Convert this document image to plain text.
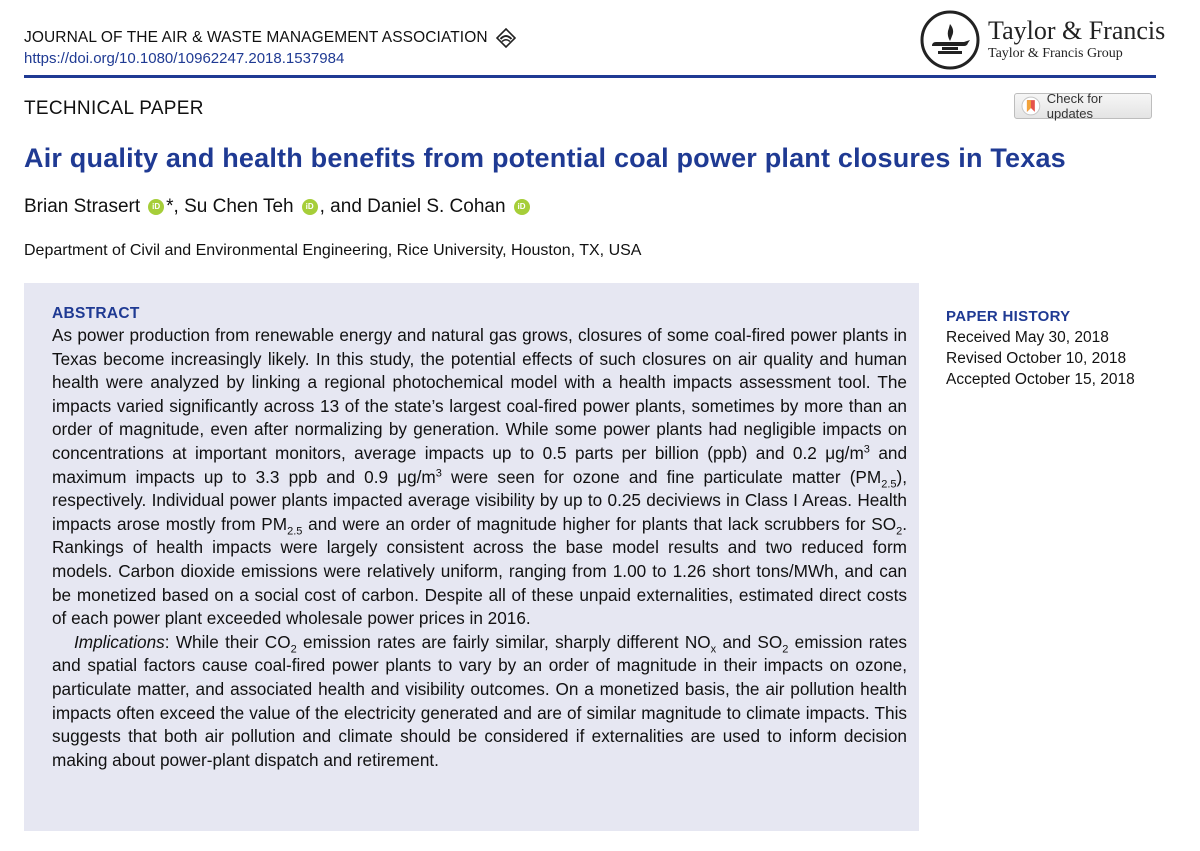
JOURNAL OF THE AIR & WASTE MANAGEMENT ASSOCIATION
https://doi.org/10.1080/10962247.2018.1537984
Taylor & Francis
Taylor & Francis Group
TECHNICAL PAPER	Check for updates
Air quality and health benefits from potential coal power plant closures in Texas
Brian Strasert	iD *, Su Chen Teh	iD , and Daniel S. Cohan	iD
Department of Civil and Environmental Engineering, Rice University, Houston, TX, USA
ABSTRACT

As power production from renewable energy and natural gas grows, closures of some coal-fired power plants in Texas become increasingly likely. In this study, the potential effects of such closures on air quality and human health were analyzed by linking a regional photochemical model with a health impacts assessment tool. The impacts varied significantly across 13 of the state’s largest coal-fired power plants, sometimes by more than an order of magnitude, even after normalizing by generation. While some power plants had negligible impacts on concentrations at important monitors, average impacts up to 0.5 parts per billion (ppb) and 0.2 $\mu g/m^3$ and maximum impacts up to 3.3 ppb and 0.9 $\mu g/m^3$ were seen for ozone and fine particulate matter $(PM_{2.5})$, respectively. Individual power plants impacted average visibility by up to 0.25 deciviews in Class I Areas. Health impacts arose mostly from $PM_{2.5}$ and were an order of magnitude higher for plants that lack scrubbers for $SO_2$. Rankings of health impacts were largely consistent across the base model results and two reduced form models. Carbon dioxide emissions were relatively uniform, ranging from 1.00 to 1.26 short tons/MWh, and can be monetized based on a social cost of carbon. Despite all of these unpaid externalities, estimated direct costs of each power plant exceeded wholesale power prices in 2016.

Implications: While their $CO_2$ emission rates are fairly similar, sharply different $NO_x$ and $SO_2$ emission rates and spatial factors cause coal-fired power plants to vary by an order of magnitude in their impacts on ozone, particulate matter, and associated health and visibility outcomes. On a monetized basis, the air pollution health impacts often exceed the value of the electricity generated and are of similar magnitude to climate impacts. This suggests that both air pollution and climate should be considered if externalities are used to inform decision making about power-plant dispatch and retirement.

PAPER HISTORY
Received May 30, 2018
Revised October 10, 2018
Accepted October 15, 2018
